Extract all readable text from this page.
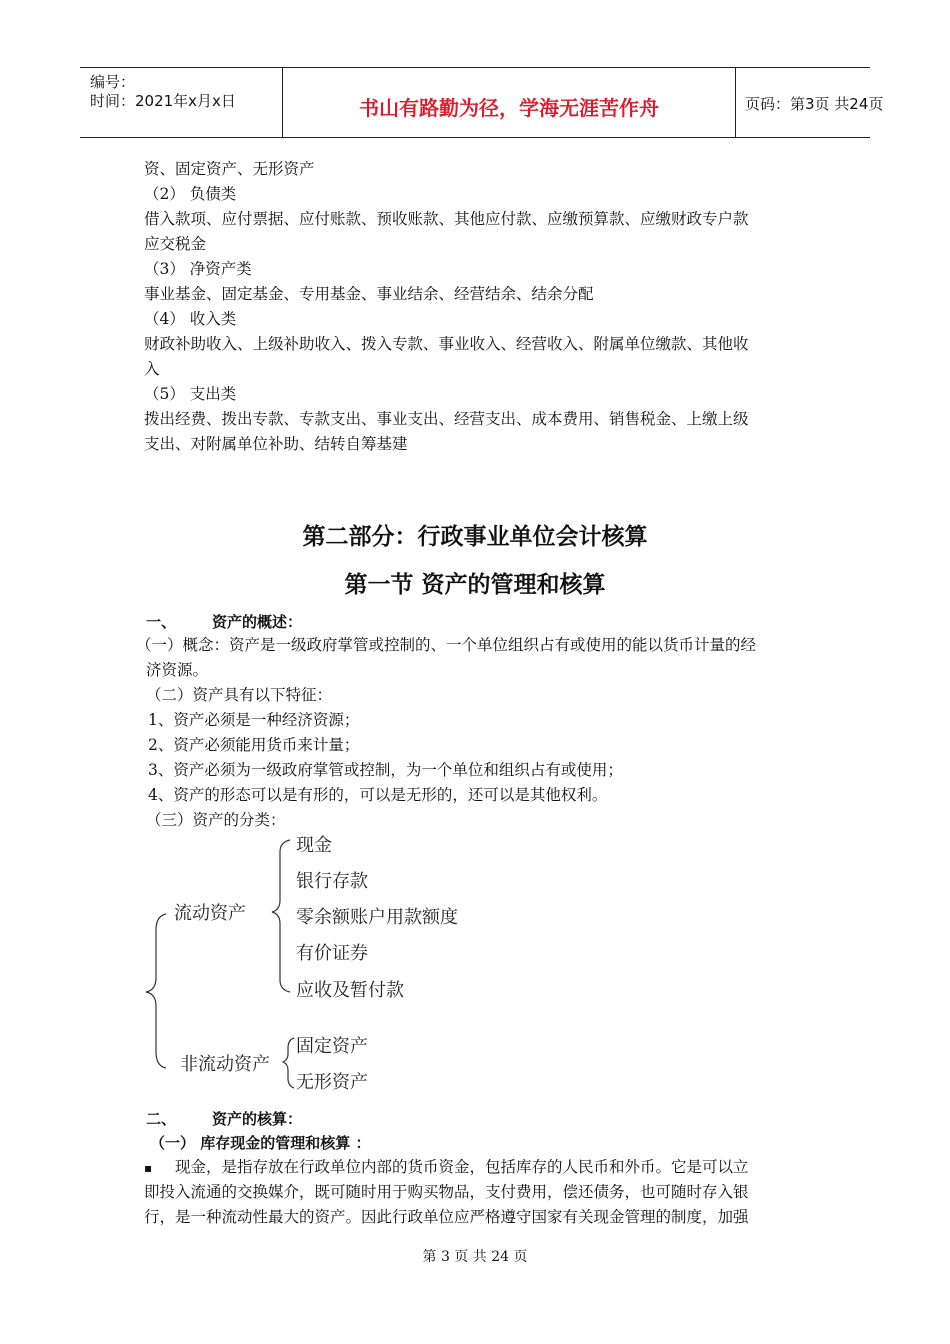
编号：
时间：2021年x月x日	书山有路勤为径，学海无涯苦作舟	页码：第3页 共24页
资、固定资产、无形资产
（2） 负债类
借入款项、应付票据、应付账款、预收账款、其他应付款、应缴预算款、应缴财政专户款
应交税金
（3） 净资产类
事业基金、固定基金、专用基金、事业结余、经营结余、结余分配
（4） 收入类
财政补助收入、上级补助收入、拨入专款、事业收入、经营收入、附属单位缴款、其他收
入
（5） 支出类
拨出经费、拨出专款、专款支出、事业支出、经营支出、成本费用、销售税金、上缴上级
支出、对附属单位补助、结转自筹基建
第二部分：行政事业单位会计核算
第一节 资产的管理和核算
一、 资产的概述：
（一）概念：资产是一级政府掌管或控制的、一个单位组织占有或使用的能以货币计量的经
济资源。
（二）资产具有以下特征：
1、资产必须是一种经济资源；
2、资产必须能用货币来计量；
3、资产必须为一级政府掌管或控制，为一个单位和组织占有或使用；
4、资产的形态可以是有形的，可以是无形的，还可以是其他权利。
（三）资产的分类：
流动资产
现金
银行存款
零余额账户用款额度
有价证券
应收及暂付款
非流动资产
固定资产
无形资产
二、 资产的核算：
（一） 库存现金的管理和核算 ：
▪ 现金，是指存放在行政单位内部的货币资金，包括库存的人民币和外币。它是可以立
即投入流通的交换媒介，既可随时用于购买物品，支付费用，偿还债务，也可随时存入银
行，是一种流动性最大的资产。因此行政单位应严格遵守国家有关现金管理的制度，加强
第 3 页 共 24 页
